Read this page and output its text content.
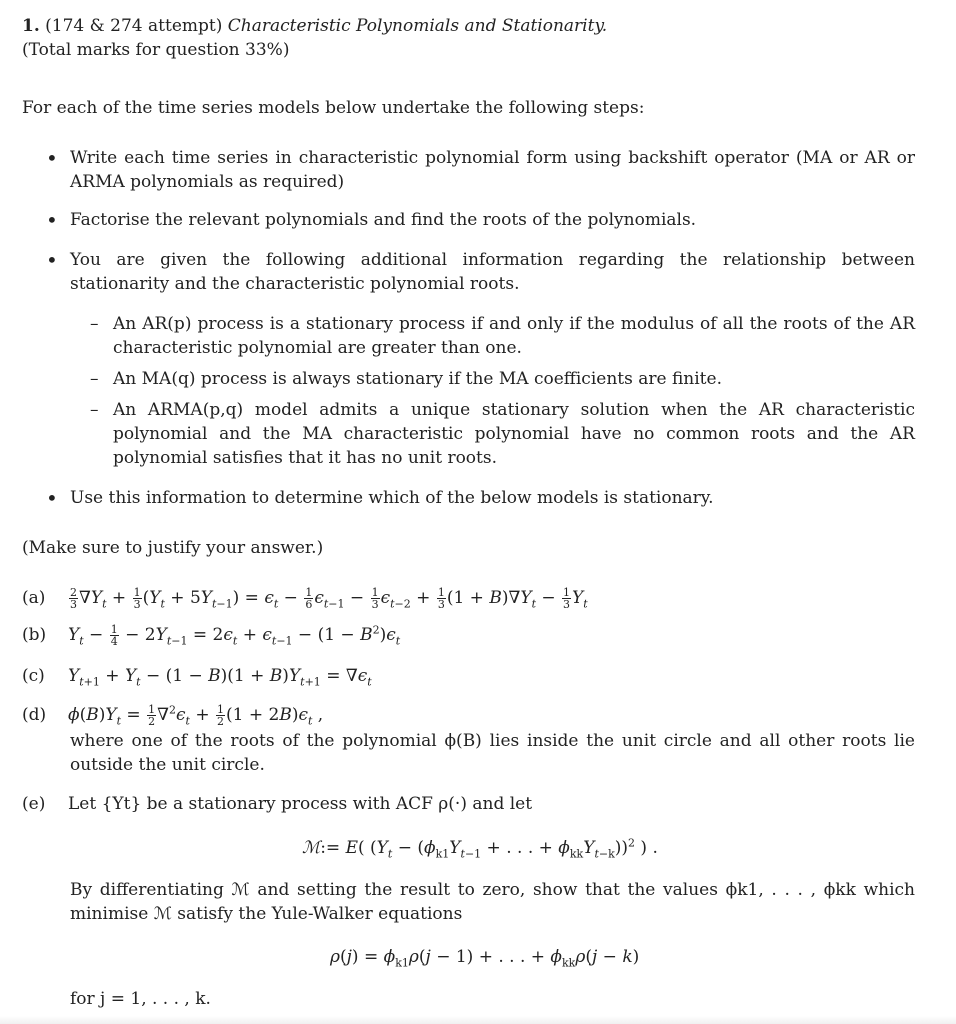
1. (174 & 274 attempt) Characteristic Polynomials and Stationarity.
(Total marks for question 33%)
For each of the time series models below undertake the following steps:
• Write each time series in characteristic polynomial form using backshift operator (MA or AR or ARMA polynomials as required)
• Factorise the relevant polynomials and find the roots of the polynomials.
• You are given the following additional information regarding the relationship between stationarity and the characteristic polynomial roots.
– An AR(p) process is a stationary process if and only if the modulus of all the roots of the AR characteristic polynomial are greater than one.
– An MA(q) process is always stationary if the MA coefficients are finite.
– An ARMA(p,q) model admits a unique stationary solution when the AR characteristic polynomial and the MA characteristic polynomial have no common roots and the AR polynomial satisfies that it has no unit roots.
• Use this information to determine which of the below models is stationary.
(Make sure to justify your answer.)
$(a) \frac{2}{3} \nabla Y_t + \frac{1}{3} (Y_t + 5Y_{t-1}) = \epsilon_t - \frac{1}{6} \epsilon_{t-1} - \frac{1}{3} \epsilon_{t-2} + \frac{1}{3} (1 + B)\nabla Y_t - \frac{1}{3} Y_t$
(b) $Y_t - \frac{1}{4} - 2Y_{t-1} = 2\epsilon_t + \epsilon_{t-1} - (1 - B^2)\epsilon_t$
(c) $Y_{t+1} + Y_t - (1 - B)(1 + B)Y_{t+1} = \nabla\epsilon_t$
(d) $\phi(B)Y_t = \frac{1}{2} \nabla^2\epsilon_t + \frac{1}{2} (1 + 2B)\epsilon_t$ ,
where one of the roots of the polynomial ϕ(B) lies inside the unit circle and all other roots lie outside the unit circle.
(e) Let {Yt} be a stationary process with ACF ρ(·) and let
ℳ:= E( ($Y_t - (\phi_{k1}Y_{t-1}$ + . . . + $\phi_{kk}Y_{t-k}))^2$ ) .
By differentiating ℳ and setting the result to zero, show that the values ϕk1, . . . , ϕkk which minimise ℳ satisfy the Yule-Walker equations
$\rho(j) = \phi_{k1}\rho(j - 1)$ + . . . + $\phi_{kk}\rho(j - k)$
for j = 1, . . . , k.
